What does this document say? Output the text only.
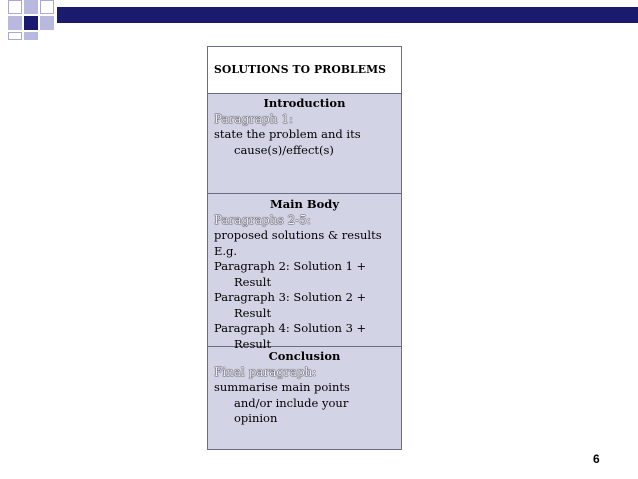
SOLUTIONS TO PROBLEMS
Introduction
Paragraph 1:
state the problem and its
cause(s)/effect(s)
Main Body
Paragraphs 2-5:
proposed solutions & results
E.g.
Paragraph 2: Solution 1 +
Result
Paragraph 3: Solution 2 +
Result
Paragraph 4: Solution 3 +
Result
Conclusion
Final paragraph:
summarise main points
and/or include your
opinion
6
